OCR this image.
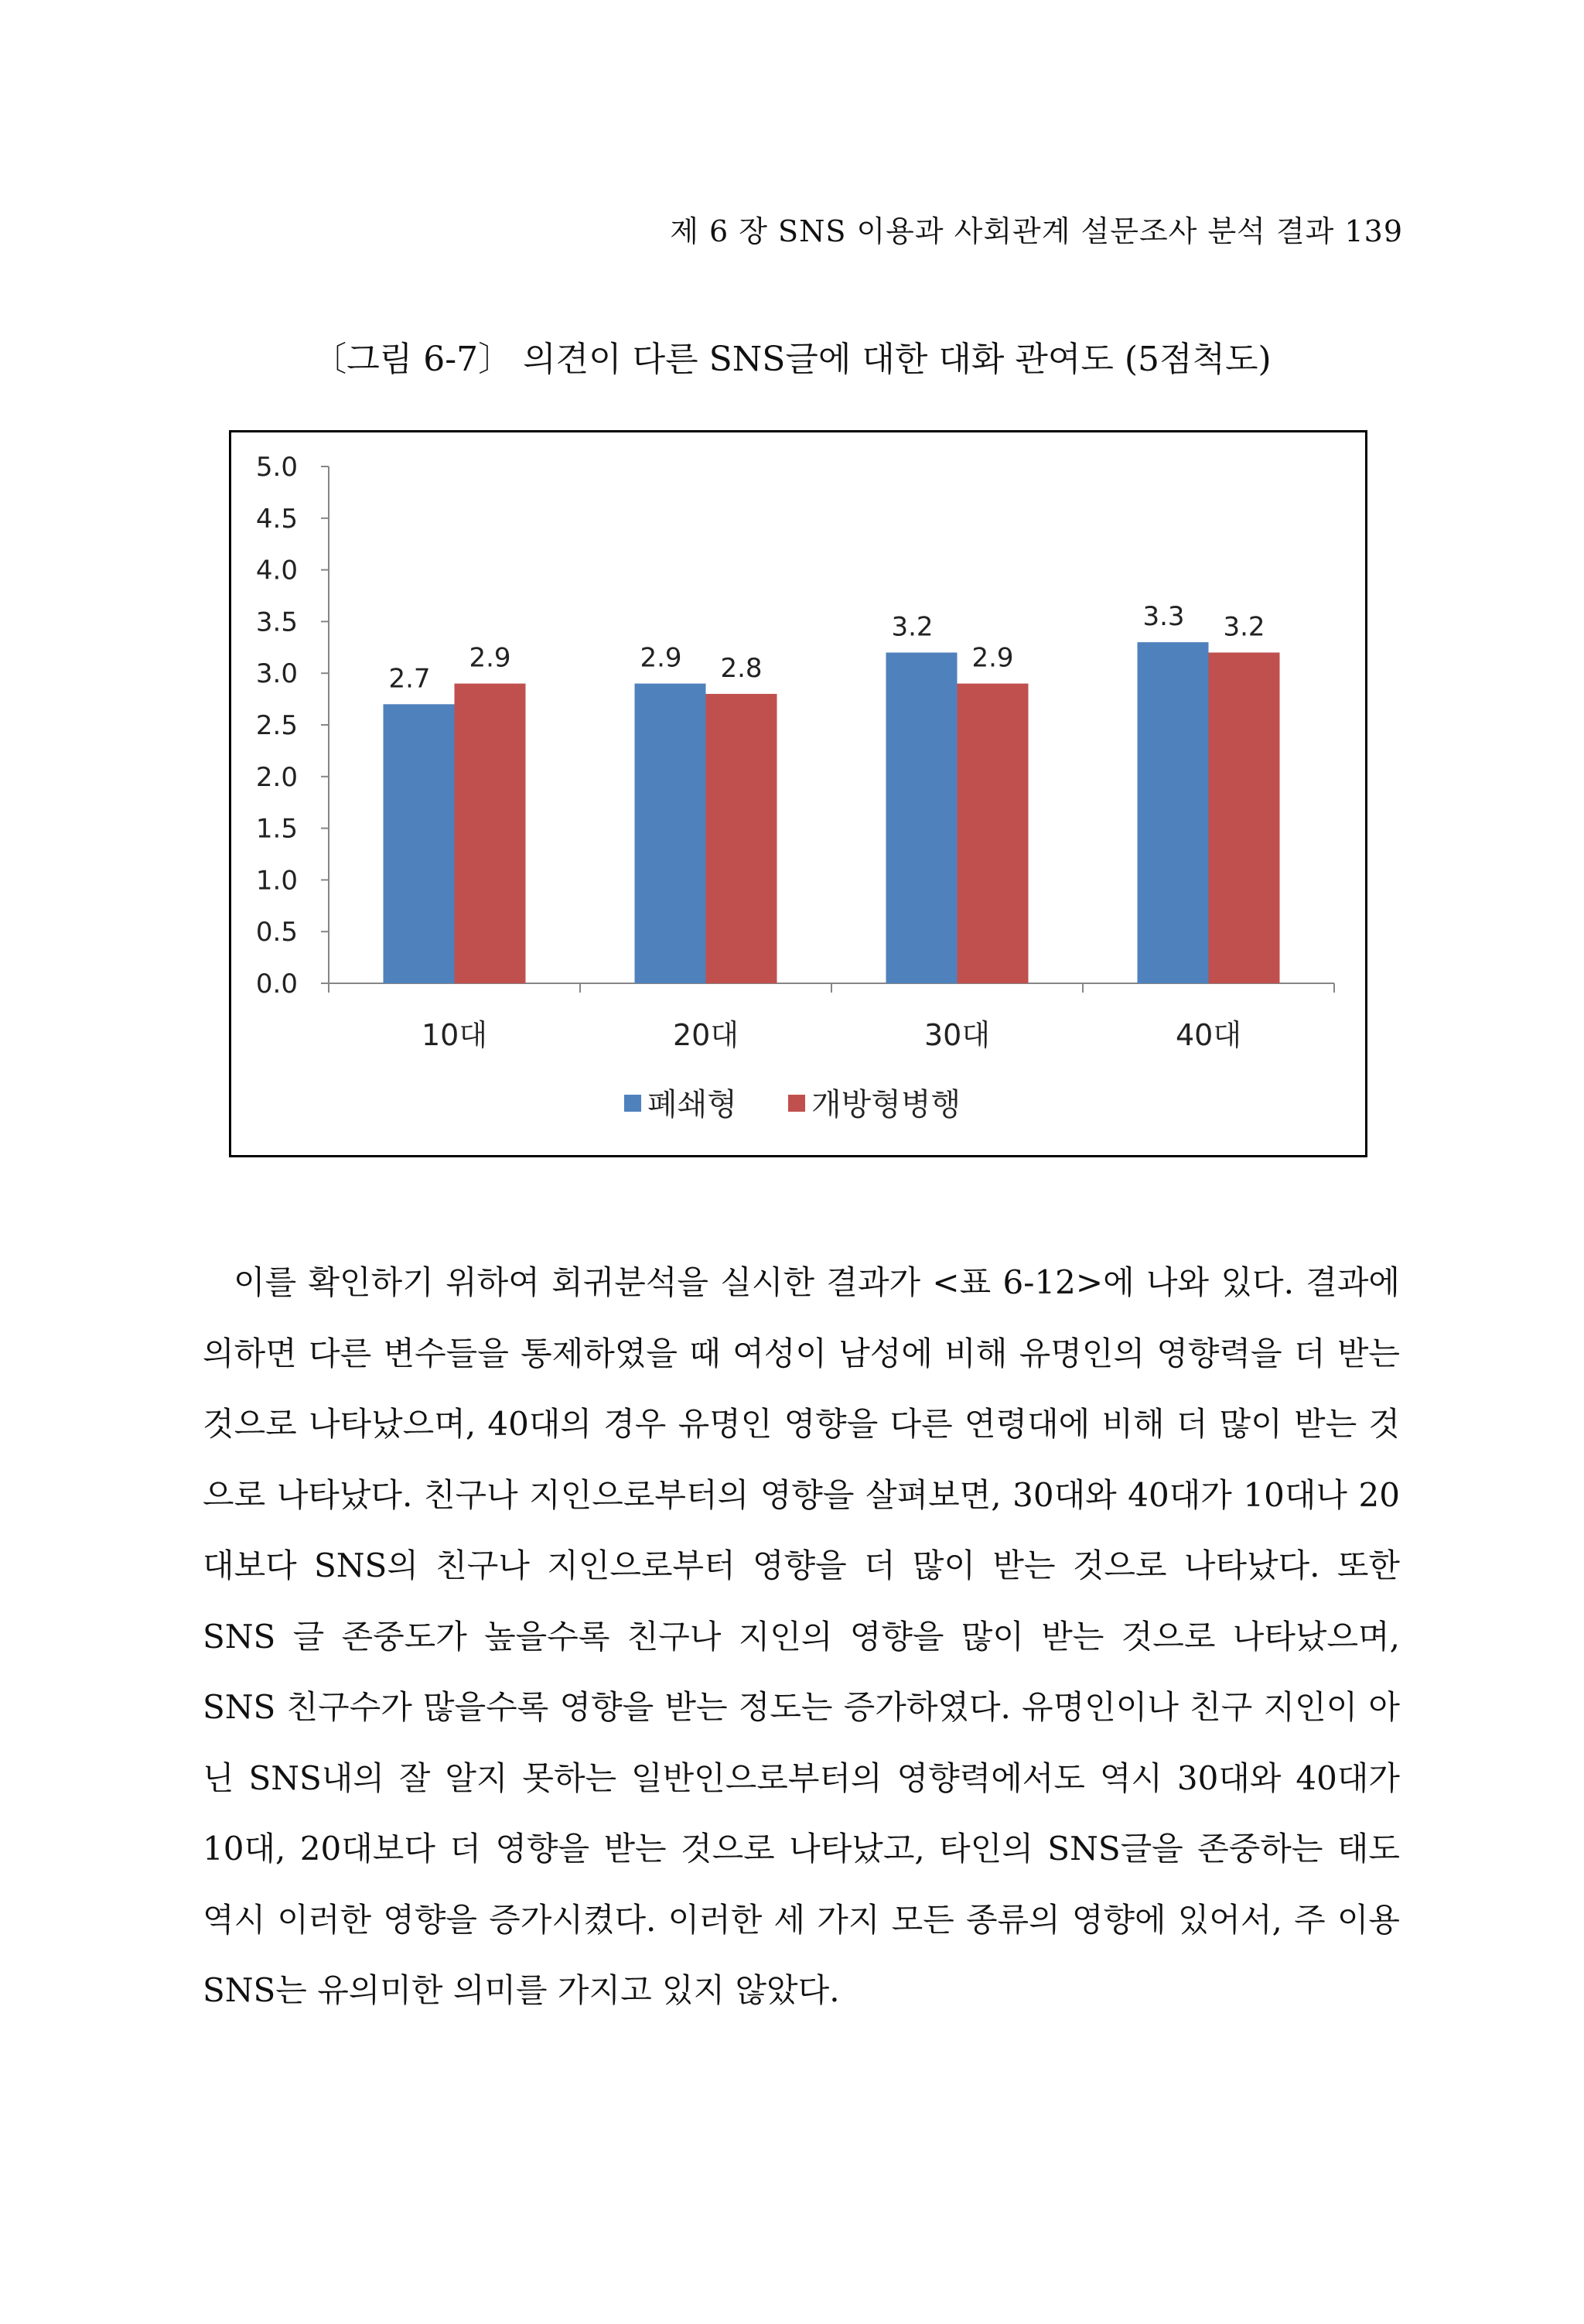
제 6 장 SNS 이용과 사회관계 설문조사 분석 결과 139
〔그림 6-7〕 의견이 다른 SNS글에 대한 대화 관여도 (5점척도)
0.0
0.5
1.0
1.5
2.0
2.5
3.0
3.5
4.0
4.5
5.0
10대
2.7
2.9
20대
2.9 2.8
30대
3.2
2.9
40대
3.3 3.2
폐쇄형 개방형병행

이를 확인하기 위하여 회귀분석을 실시한 결과가 <표 6-12>에 나와 있다. 결과에 의하면 다른 변수들을 통제하였을 때 여성이 남성에 비해 유명인의 영향력을 더 받는 것으로 나타났으며, 40대의 경우 유명인 영향을 다른 연령대에 비해 더 많이 받는 것으로 나타났다. 친구나 지인으로부터의 영향을 살펴보면, 30대와 40대가 10대나 20대보다 SNS의 친구나 지인으로부터 영향을 더 많이 받는 것으로 나타났다. 또한 SNS 글 존중도가 높을수록 친구나 지인의 영향을 많이 받는 것으로 나타났으며, SNS 친구수가 많을수록 영향을 받는 정도는 증가하였다. 유명인이나 친구 지인이 아닌 SNS내의 잘 알지 못하는 일반인으로부터의 영향력에서도 역시 30대와 40대가 10대, 20대보다 더 영향을 받는 것으로 나타났고, 타인의 SNS글을 존중하는 태도 역시 이러한 영향을 증가시켰다. 이러한 세 가지 모든 종류의 영향에 있어서, 주 이용 SNS는 유의미한 의미를 가지고 있지 않았다.
